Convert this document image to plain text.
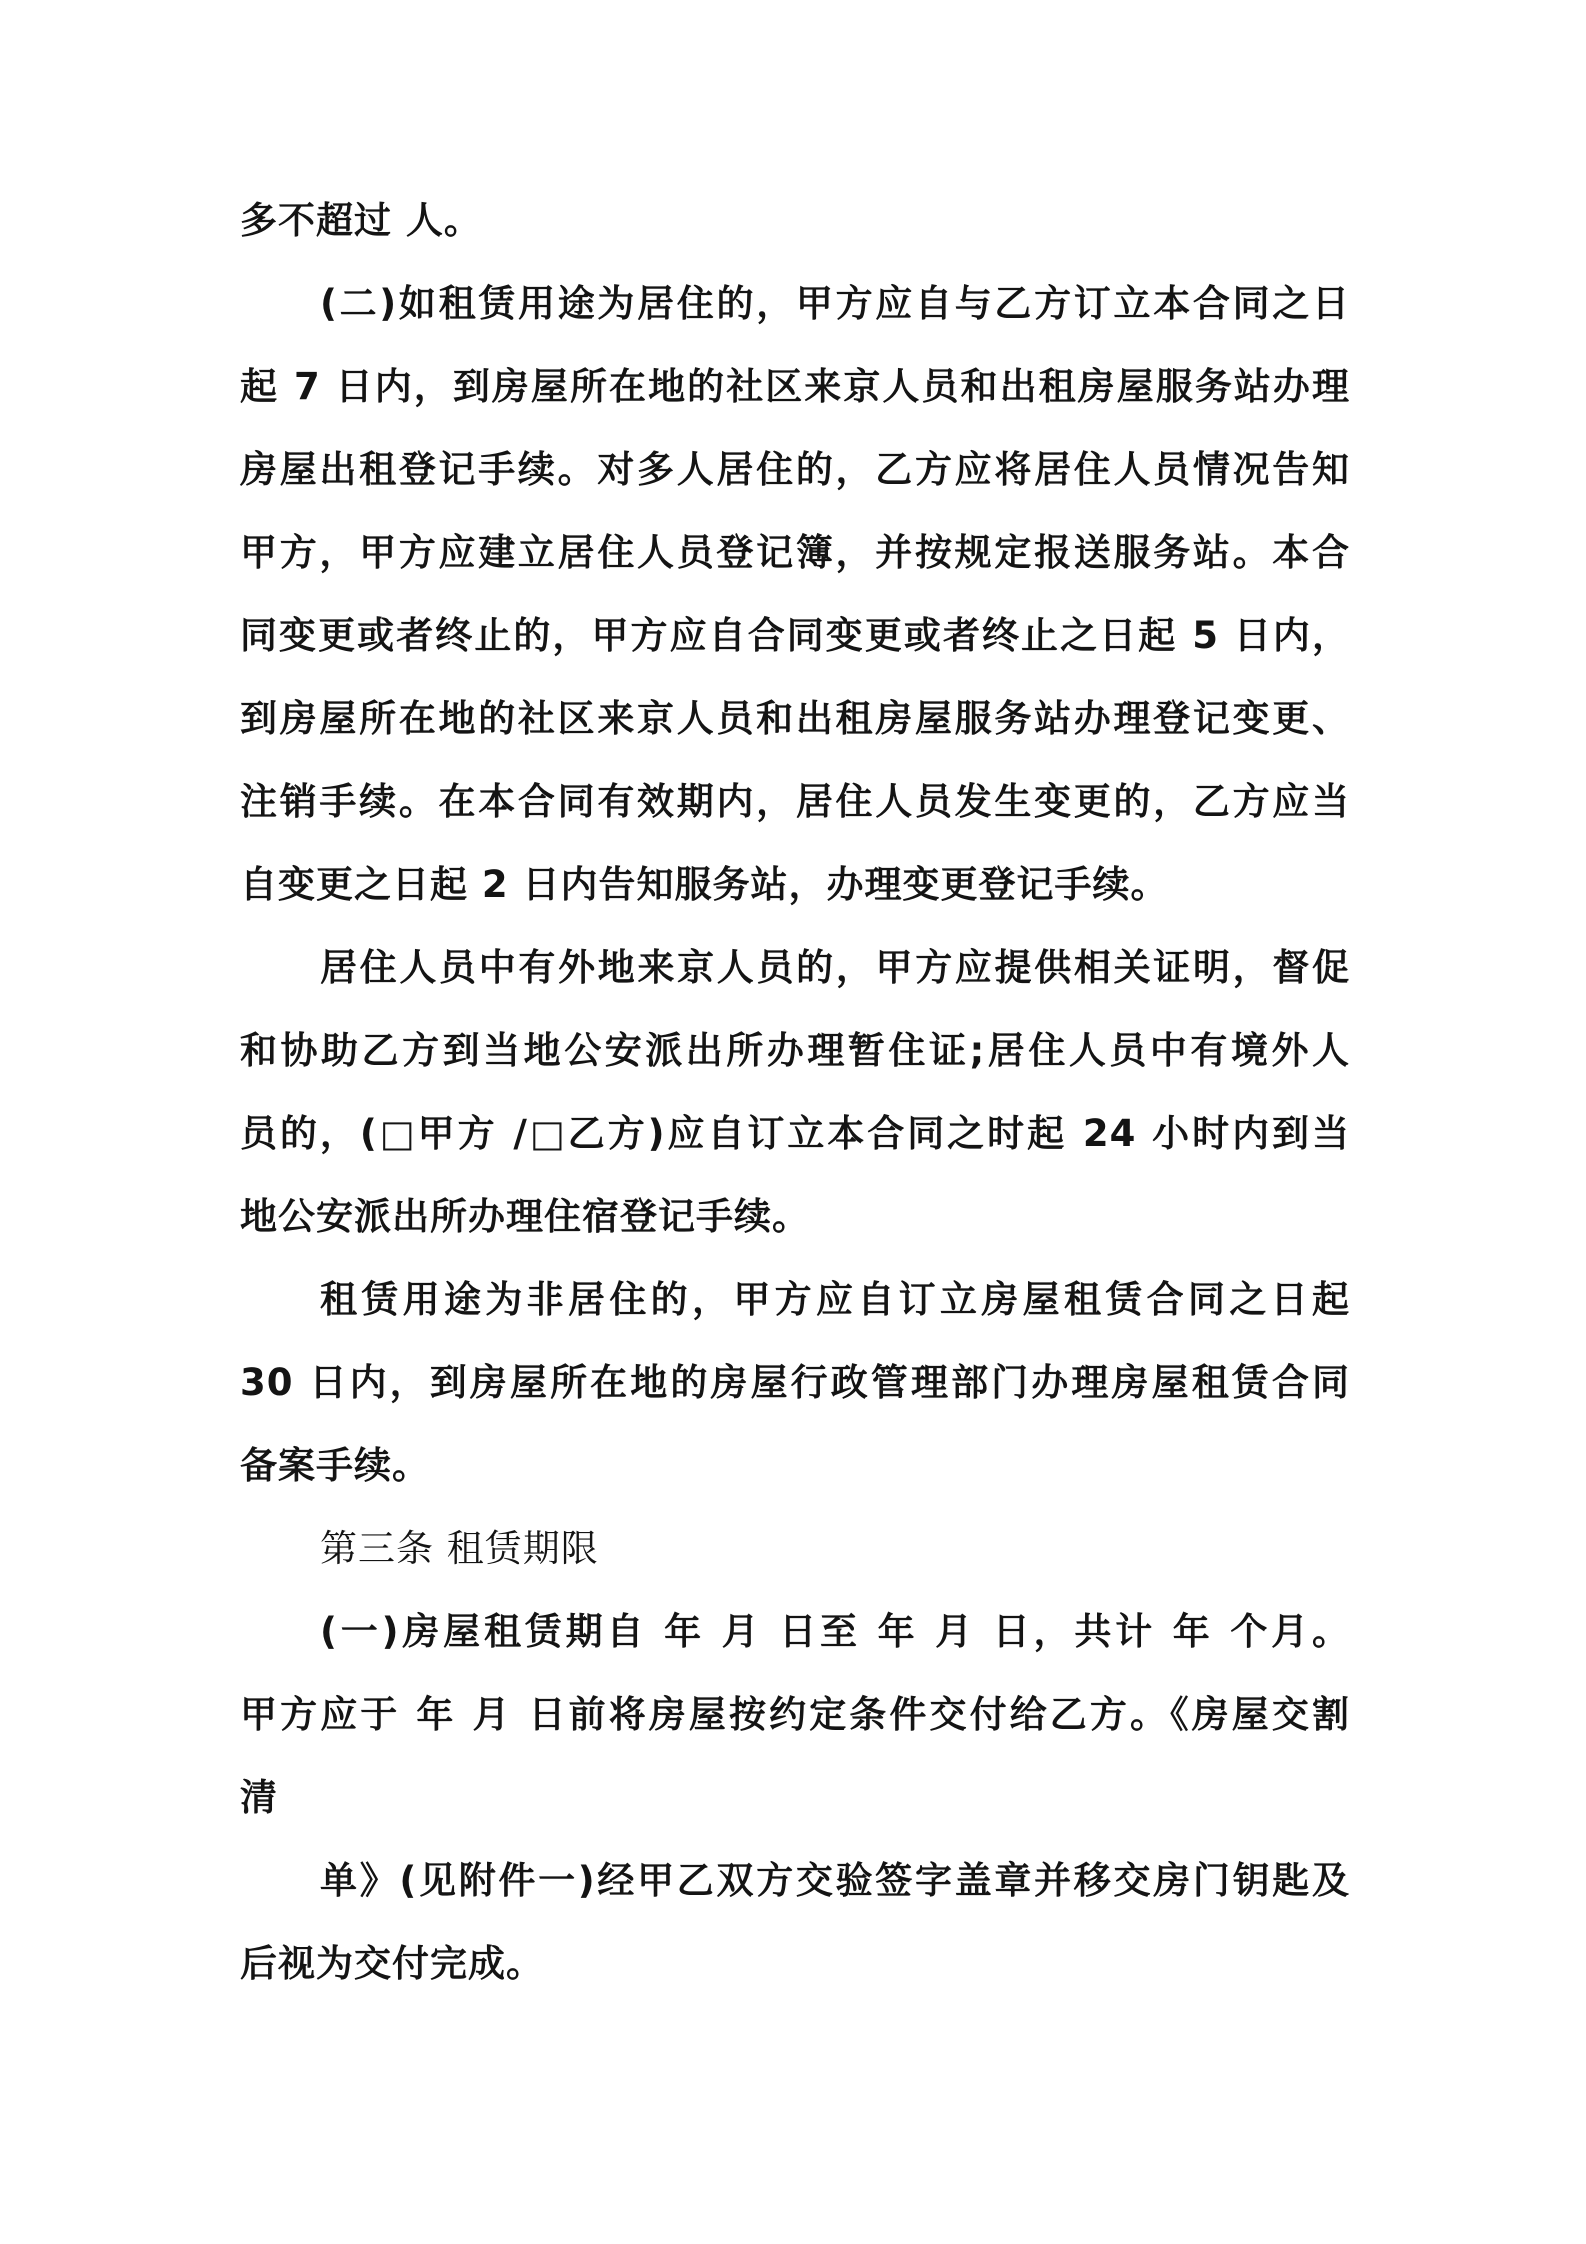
多不超过 人。
(二)如租赁用途为居住的，甲方应自与乙方订立本合同之日
起 7 日内，到房屋所在地的社区来京人员和出租房屋服务站办理
房屋出租登记手续。对多人居住的，乙方应将居住人员情况告知
甲方，甲方应建立居住人员登记簿，并按规定报送服务站。本合
同变更或者终止的，甲方应自合同变更或者终止之日起 5 日内，
到房屋所在地的社区来京人员和出租房屋服务站办理登记变更、
注销手续。在本合同有效期内，居住人员发生变更的，乙方应当
自变更之日起 2 日内告知服务站，办理变更登记手续。
居住人员中有外地来京人员的，甲方应提供相关证明，督促
和协助乙方到当地公安派出所办理暂住证;居住人员中有境外人
员的，(□甲方 /□乙方)应自订立本合同之时起 24 小时内到当
地公安派出所办理住宿登记手续。
租赁用途为非居住的，甲方应自订立房屋租赁合同之日起
30 日内，到房屋所在地的房屋行政管理部门办理房屋租赁合同
备案手续。
第三条 租赁期限
(一)房屋租赁期自 年 月 日至 年 月 日，共计 年 个月。
甲方应于 年 月 日前将房屋按约定条件交付给乙方。《房屋交割
清
单》(见附件一)经甲乙双方交验签字盖章并移交房门钥匙及
后视为交付完成。
